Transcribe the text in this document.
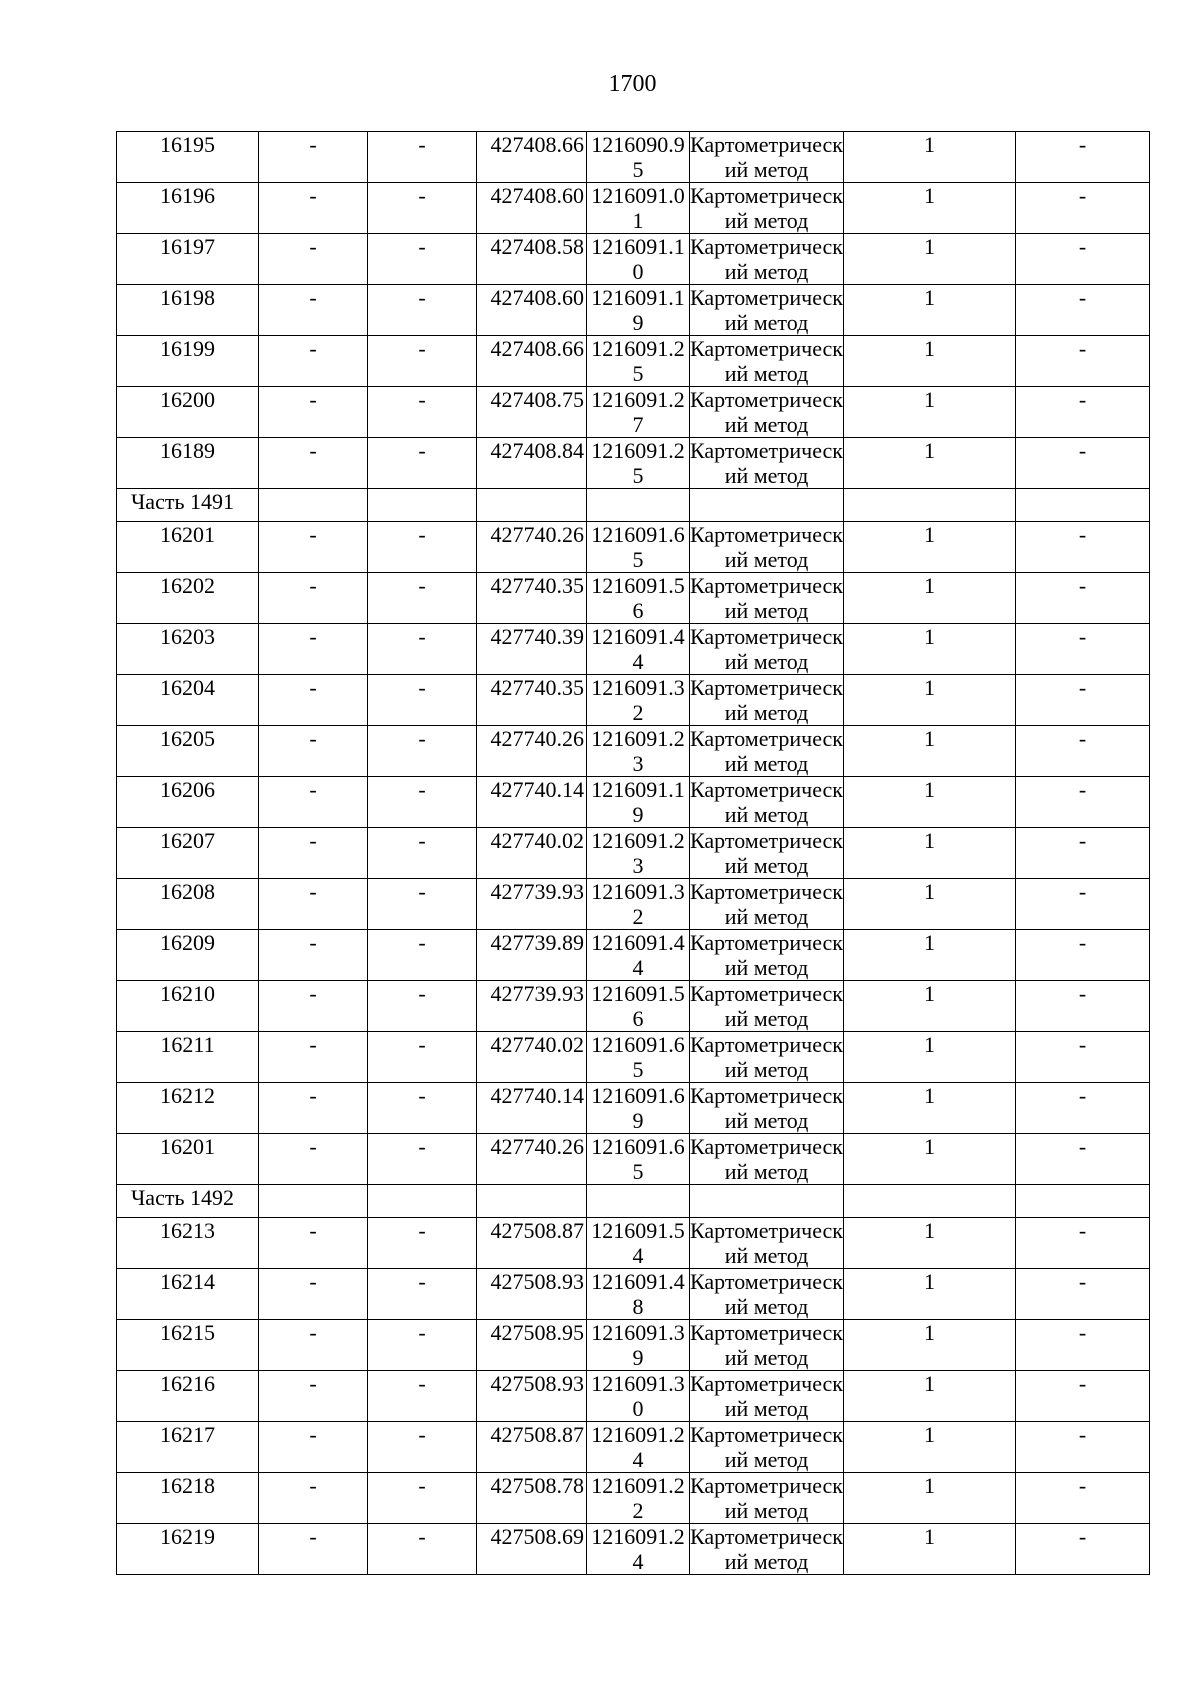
1700
16195	-	-	427408.66	1216090.95	Картометрический метод	1	-
16196	-	-	427408.60	1216091.01	Картометрический метод	1	-
16197	-	-	427408.58	1216091.10	Картометрический метод	1	-
16198	-	-	427408.60	1216091.19	Картометрический метод	1	-
16199	-	-	427408.66	1216091.25	Картометрический метод	1	-
16200	-	-	427408.75	1216091.27	Картометрический метод	1	-
16189	-	-	427408.84	1216091.25	Картометрический метод	1	-
Часть 1491							
16201	-	-	427740.26	1216091.65	Картометрический метод	1	-
16202	-	-	427740.35	1216091.56	Картометрический метод	1	-
16203	-	-	427740.39	1216091.44	Картометрический метод	1	-
16204	-	-	427740.35	1216091.32	Картометрический метод	1	-
16205	-	-	427740.26	1216091.23	Картометрический метод	1	-
16206	-	-	427740.14	1216091.19	Картометрический метод	1	-
16207	-	-	427740.02	1216091.23	Картометрический метод	1	-
16208	-	-	427739.93	1216091.32	Картометрический метод	1	-
16209	-	-	427739.89	1216091.44	Картометрический метод	1	-
16210	-	-	427739.93	1216091.56	Картометрический метод	1	-
16211	-	-	427740.02	1216091.65	Картометрический метод	1	-
16212	-	-	427740.14	1216091.69	Картометрический метод	1	-
16201	-	-	427740.26	1216091.65	Картометрический метод	1	-
Часть 1492							
16213	-	-	427508.87	1216091.54	Картометрический метод	1	-
16214	-	-	427508.93	1216091.48	Картометрический метод	1	-
16215	-	-	427508.95	1216091.39	Картометрический метод	1	-
16216	-	-	427508.93	1216091.30	Картометрический метод	1	-
16217	-	-	427508.87	1216091.24	Картометрический метод	1	-
16218	-	-	427508.78	1216091.22	Картометрический метод	1	-
16219	-	-	427508.69	1216091.24	Картометрический метод	1	-
